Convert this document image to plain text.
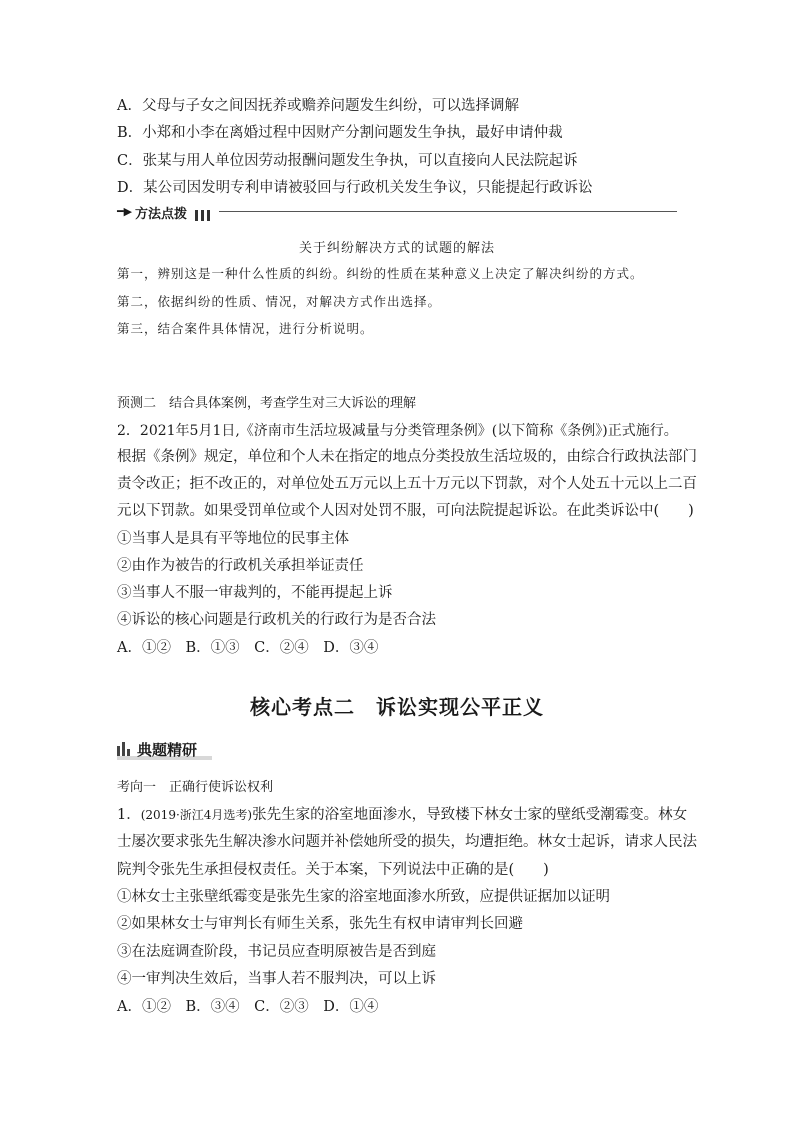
A．父母与子女之间因抚养或赡养问题发生纠纷，可以选择调解
B．小郑和小李在离婚过程中因财产分割问题发生争执，最好申请仲裁
C．张某与用人单位因劳动报酬问题发生争执，可以直接向人民法院起诉
D．某公司因发明专利申请被驳回与行政机关发生争议，只能提起行政诉讼
━▶ 方法点拨
关于纠纷解决方式的试题的解法
第一，辨别这是一种什么性质的纠纷。纠纷的性质在某种意义上决定了解决纠纷的方式。
第二，依据纠纷的性质、情况，对解决方式作出选择。
第三，结合案件具体情况，进行分析说明。
预测二　结合具体案例，考查学生对三大诉讼的理解
2．2021年5月1日,《济南市生活垃圾减量与分类管理条例》(以下简称《条例》)正式施行。
根据《条例》规定，单位和个人未在指定的地点分类投放生活垃圾的，由综合行政执法部门
责令改正；拒不改正的，对单位处五万元以上五十万元以下罚款，对个人处五十元以上二百
元以下罚款。如果受罚单位或个人因对处罚不服，可向法院提起诉讼。在此类诉讼中(　　)
①当事人是具有平等地位的民事主体
②由作为被告的行政机关承担举证责任
③当事人不服一审裁判的，不能再提起上诉
④诉讼的核心问题是行政机关的行政行为是否合法
A．①②　B．①③　C．②④　D．③④
核心考点二　诉讼实现公平正义
典题精研
考向一　正确行使诉讼权利
1．(2019·浙江4月选考)张先生家的浴室地面渗水，导致楼下林女士家的壁纸受潮霉变。林女
士屡次要求张先生解决渗水问题并补偿她所受的损失，均遭拒绝。林女士起诉，请求人民法
院判令张先生承担侵权责任。关于本案，下列说法中正确的是(　　)
①林女士主张壁纸霉变是张先生家的浴室地面渗水所致，应提供证据加以证明
②如果林女士与审判长有师生关系，张先生有权申请审判长回避
③在法庭调查阶段，书记员应查明原被告是否到庭
④一审判决生效后，当事人若不服判决，可以上诉
A．①②　B．③④　C．②③　D．①④
